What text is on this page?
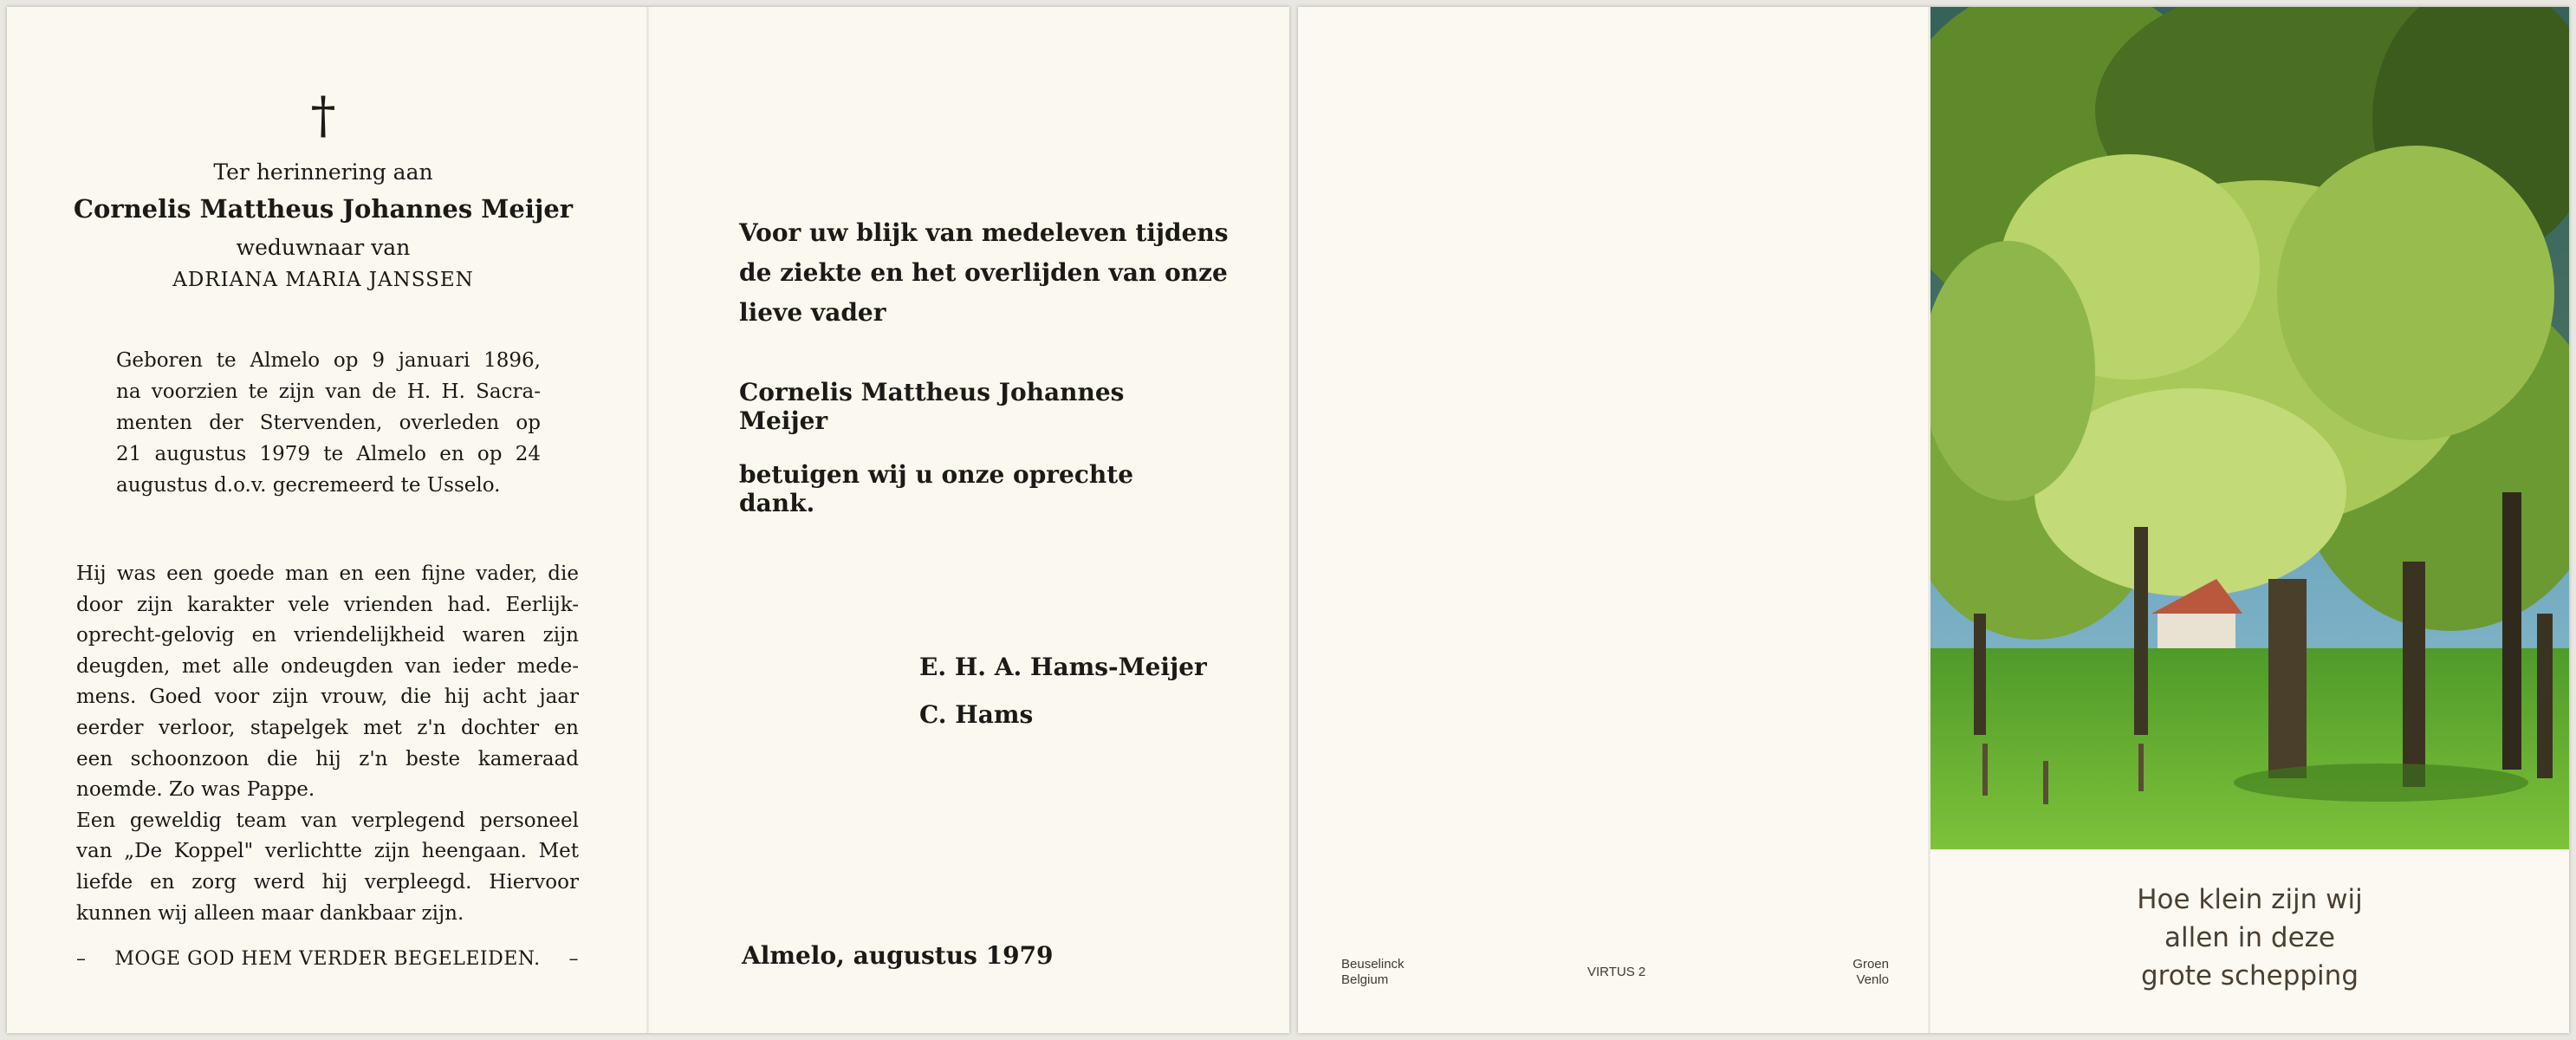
†
Ter herinnering aan
Cornelis Mattheus Johannes Meijer
weduwnaar van
ADRIANA MARIA JANSSEN
Geboren te Almelo op 9 januari 1896,
na voorzien te zijn van de H. H. Sacra-
menten der Stervenden, overleden op
21 augustus 1979 te Almelo en op 24
augustus d.o.v. gecremeerd te Usselo.
Hij was een goede man en een fijne vader, die
door zijn karakter vele vrienden had. Eerlijk-
oprecht-gelovig en vriendelijkheid waren zijn
deugden, met alle ondeugden van ieder mede-
mens. Goed voor zijn vrouw, die hij acht jaar
eerder verloor, stapelgek met z'n dochter en
een schoonzoon die hij z'n beste kameraad
noemde. Zo was Pappe.
Een geweldig team van verplegend personeel
van „De Koppel" verlichtte zijn heengaan. Met
liefde en zorg werd hij verpleegd. Hiervoor
kunnen wij alleen maar dankbaar zijn.
– MOGE GOD HEM VERDER BEGELEIDEN. –
Voor uw blijk van medeleven tijdens
de ziekte en het overlijden van onze
lieve vader
Cornelis Mattheus Johannes Meijer
betuigen wij u onze oprechte dank.
E. H. A. Hams-Meijer
C. Hams
Almelo, augustus 1979	Beuselinck
Belgium
VIRTUS 2
Groen
Venlo
Hoe klein zijn wij
allen in deze
grote schepping
